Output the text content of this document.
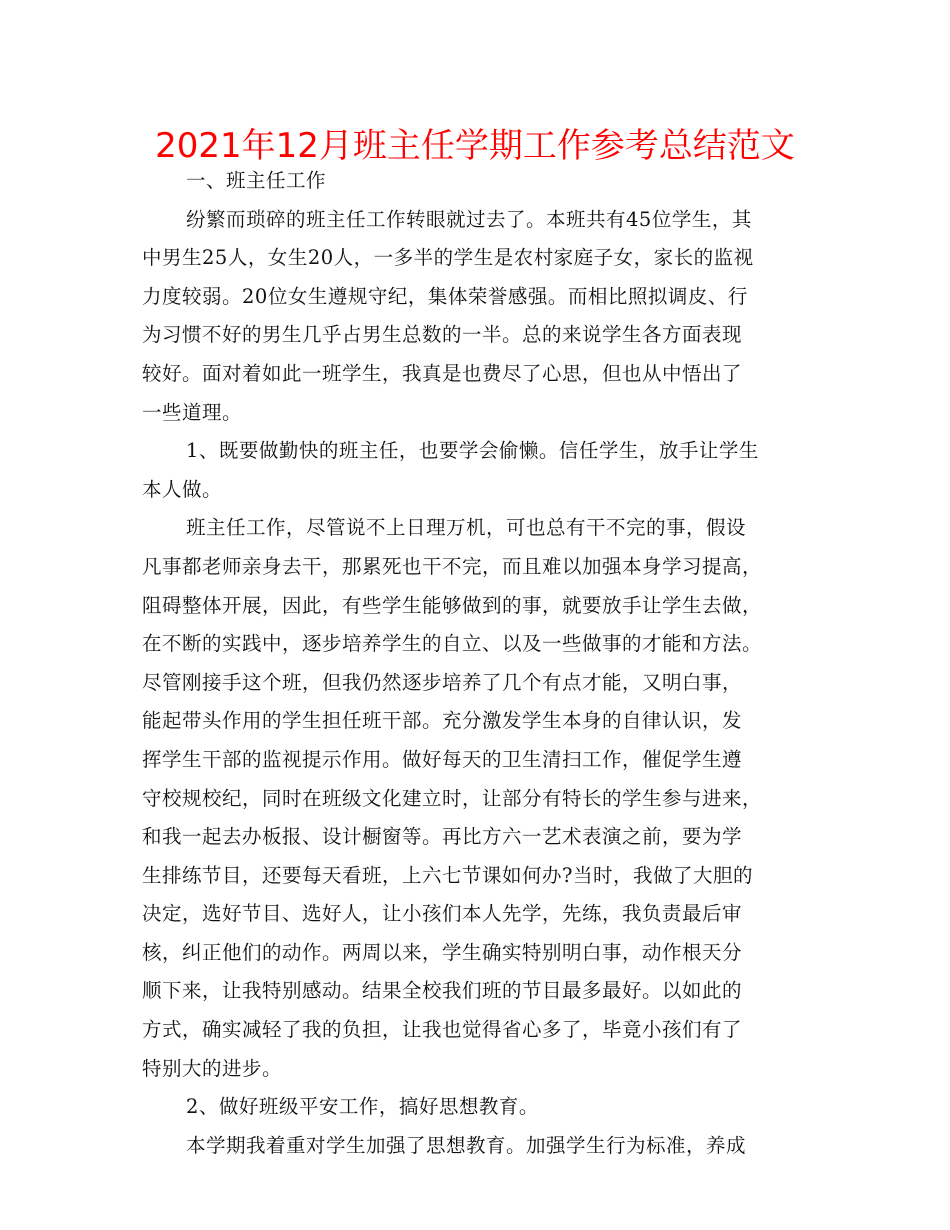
2021年12月班主任学期工作参考总结范文

一、班主任工作

纷繁而琐碎的班主任工作转眼就过去了。本班共有45位学生，其
中男生25人，女生20人，一多半的学生是农村家庭子女，家长的监视
力度较弱。20位女生遵规守纪，集体荣誉感强。而相比照拟调皮、行
为习惯不好的男生几乎占男生总数的一半。总的来说学生各方面表现
较好。面对着如此一班学生，我真是也费尽了心思，但也从中悟出了
一些道理。

1、既要做勤快的班主任，也要学会偷懒。信任学生，放手让学生
本人做。

班主任工作，尽管说不上日理万机，可也总有干不完的事，假设
凡事都老师亲身去干，那累死也干不完，而且难以加强本身学习提高，
阻碍整体开展，因此，有些学生能够做到的事，就要放手让学生去做，
在不断的实践中，逐步培养学生的自立、以及一些做事的才能和方法。
尽管刚接手这个班，但我仍然逐步培养了几个有点才能，又明白事，
能起带头作用的学生担任班干部。充分激发学生本身的自律认识，发
挥学生干部的监视提示作用。做好每天的卫生清扫工作，催促学生遵
守校规校纪，同时在班级文化建立时，让部分有特长的学生参与进来，
和我一起去办板报、设计橱窗等。再比方六一艺术表演之前，要为学
生排练节目，还要每天看班，上六七节课如何办?当时，我做了大胆的
决定，选好节目、选好人，让小孩们本人先学，先练，我负责最后审
核，纠正他们的动作。两周以来，学生确实特别明白事，动作根天分
顺下来，让我特别感动。结果全校我们班的节目最多最好。以如此的
方式，确实减轻了我的负担，让我也觉得省心多了，毕竟小孩们有了
特别大的进步。

2、做好班级平安工作，搞好思想教育。

本学期我着重对学生加强了思想教育。加强学生行为标准，养成
